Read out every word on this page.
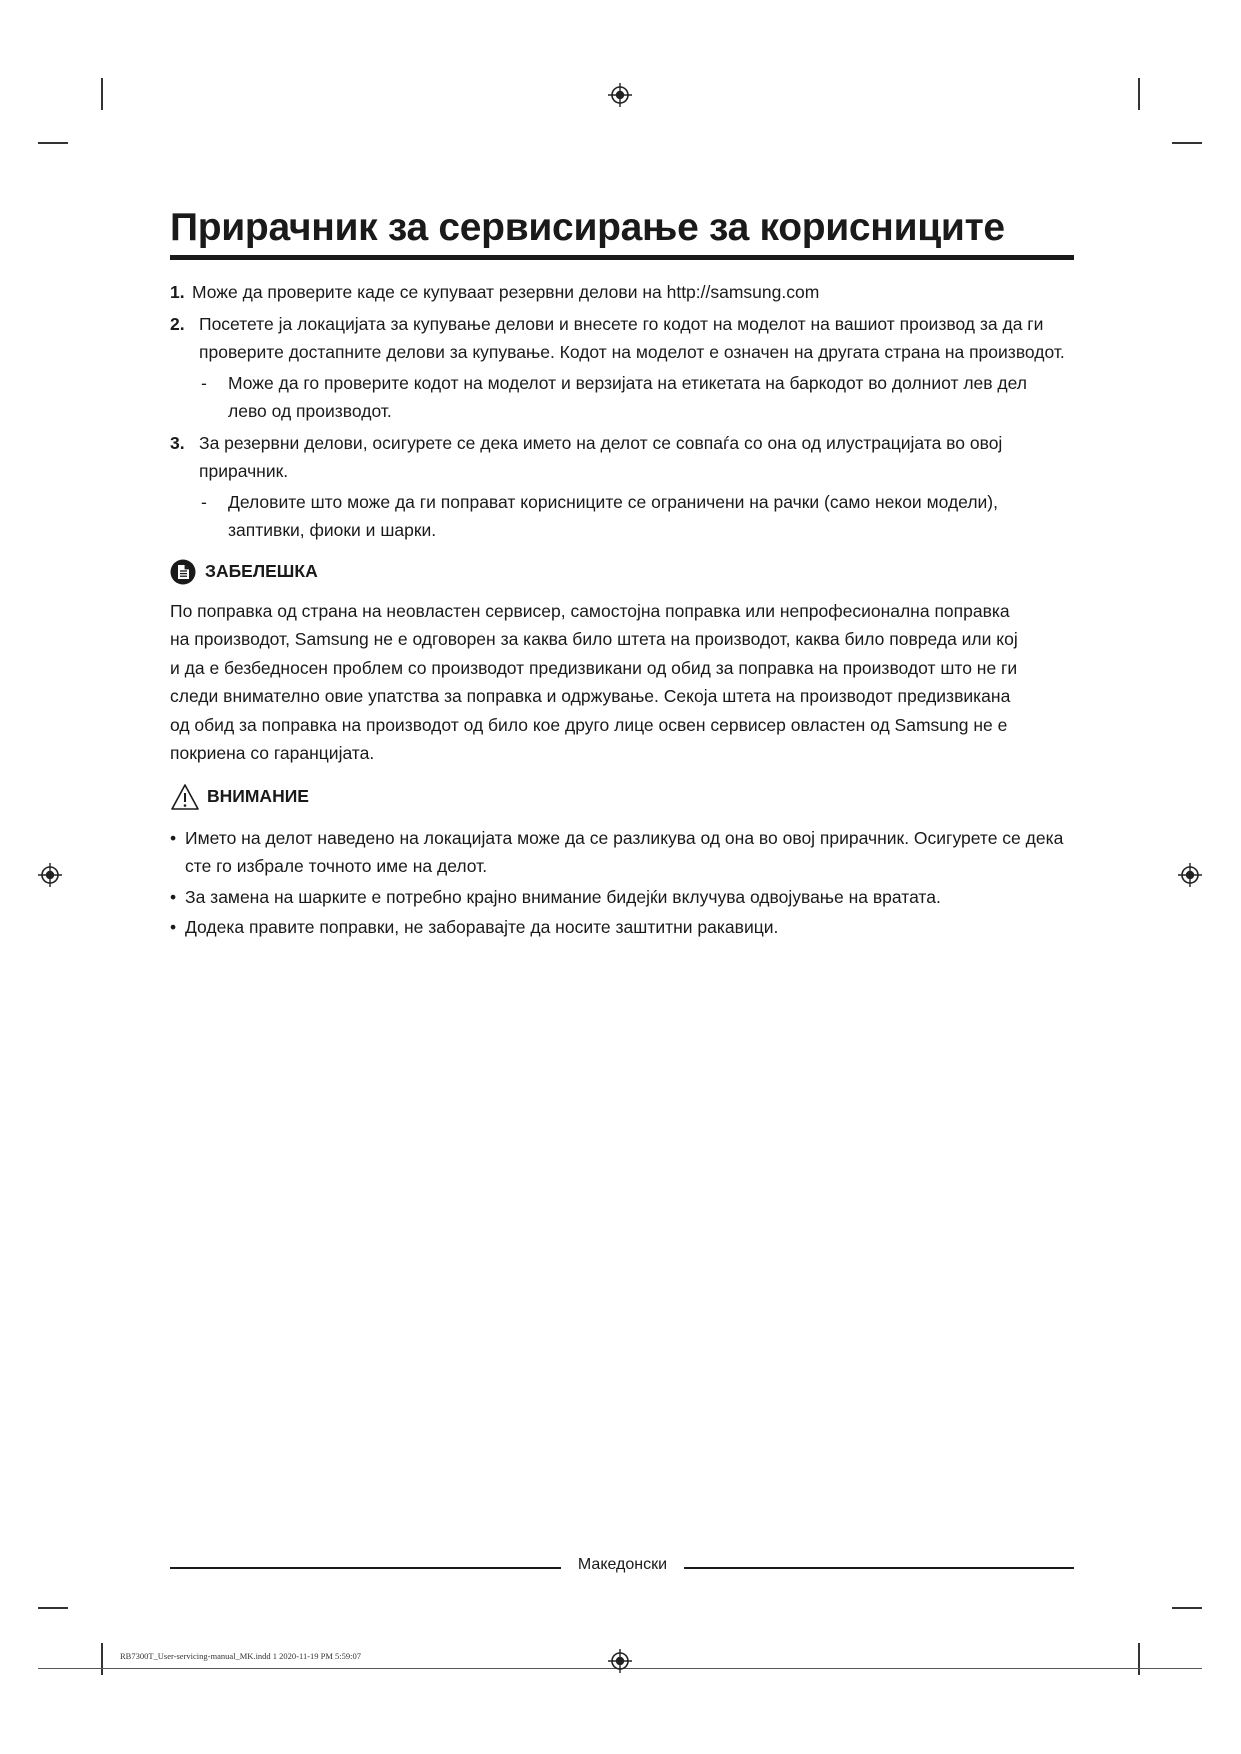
Прирачник за сервисирање за корисниците
1. Може да проверите каде се купуваат резервни делови на http://samsung.com
2. Посетете ја локацијата за купување делови и внесете го кодот на моделот на вашиот производ за да ги проверите достапните делови за купување. Кодот на моделот е означен на другата страна на производот.
- Може да го проверите кодот на моделот и верзијата на етикетата на баркодот во долниот лев дел лево од производот.
3. За резервни делови, осигурете се дека името на делот се совпаѓа со она од илустрацијата во овој прирачник.
- Деловите што може да ги поправат корисниците се ограничени на рачки (само некои модели), заптивки, фиоки и шарки.
ЗАБЕЛЕШКА
По поправка од страна на неовластен сервисер, самостојна поправка или непрофесионална поправка на производот, Samsung не е одговорен за каква било штета на производот, каква било повреда или кој и да е безбедносен проблем со производот предизвикани од обид за поправка на производот што не ги следи внимателно овие упатства за поправка и одржување. Секоја штета на производот предизвикана од обид за поправка на производот од било кое друго лице освен сервисер овластен од Samsung не е покриена со гаранцијата.
ВНИМАНИЕ
• Името на делот наведено на локацијата може да се разликува од она во овој прирачник. Осигурете се дека сте го избрале точното име на делот.
• За замена на шарките е потребно крајно внимание бидејќи вклучува одвојување на вратата.
• Додека правите поправки, не заборавајте да носите заштитни ракавици.
Македонски
RB7300T_User-servicing-manual_MK.indd 1 2020-11-19 PM 5:59:07
